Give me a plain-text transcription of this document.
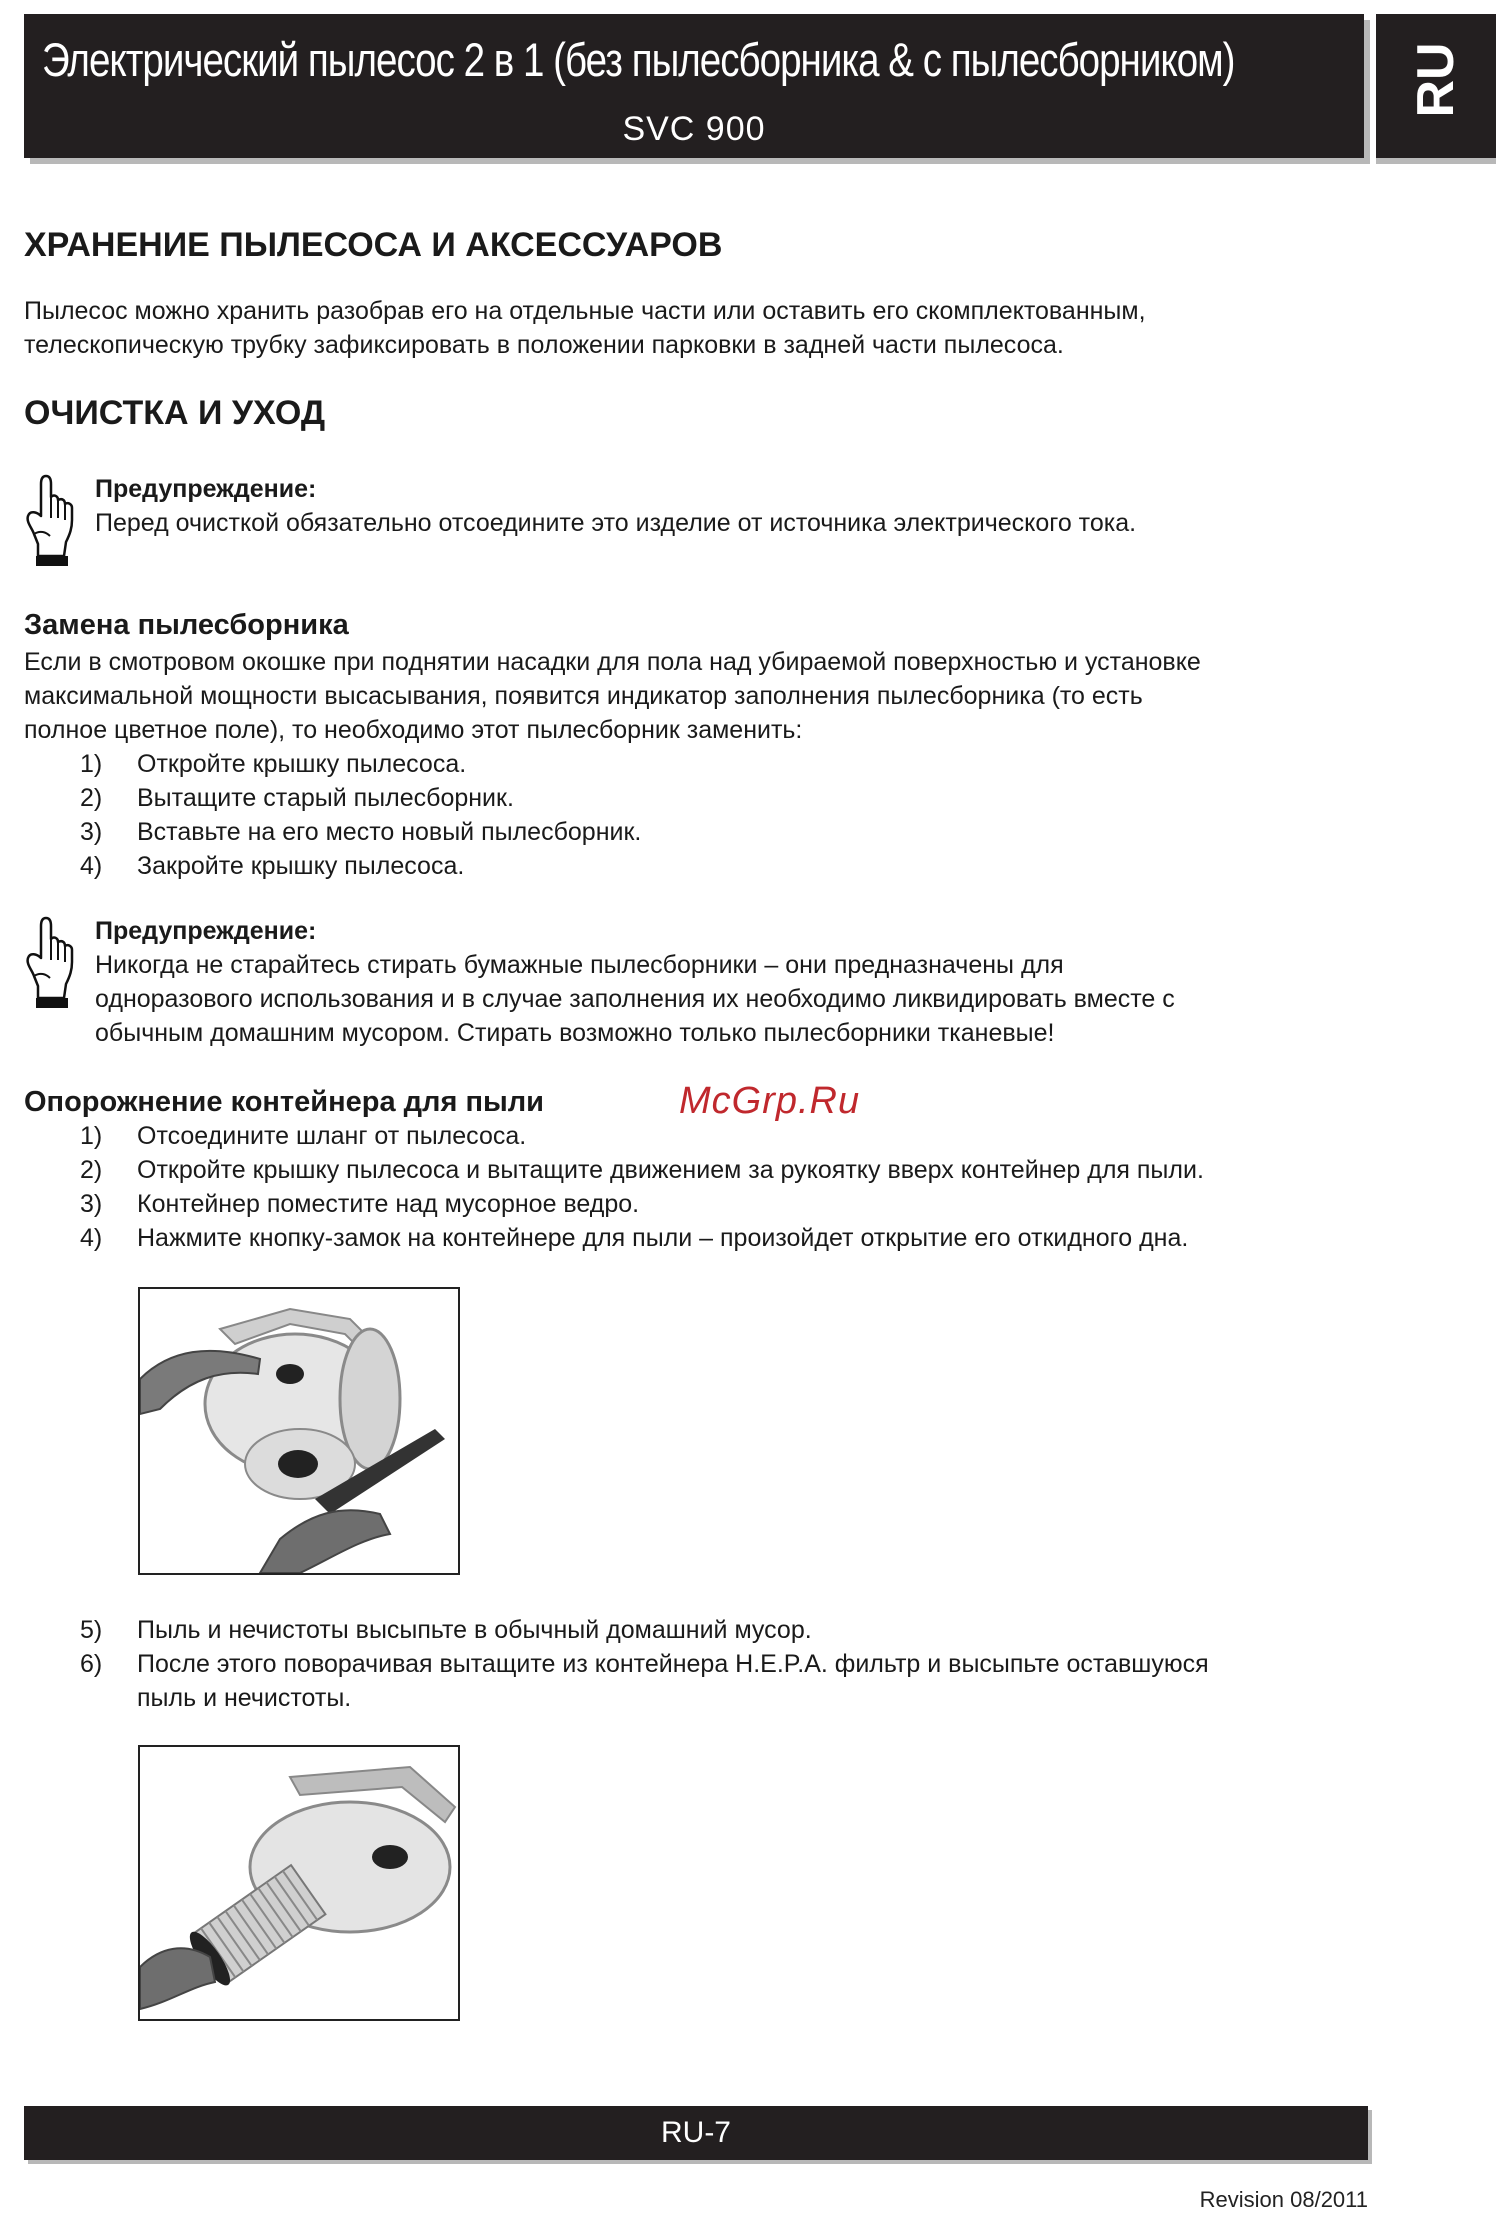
Электрический пылесос 2 в 1 (без пылесборника & с пылесборником)
SVC 900
RU
ХРАНЕНИЕ ПЫЛЕСОСА И АКСЕССУАРОВ

Пылесос можно хранить разобрав его на отдельные части или оставить его скомплектованным,
телескопическую трубку зафиксировать в положении парковки в задней части пылесоса.

ОЧИСТКА И УХОД
Предупреждение:

Перед очисткой обязательно отсоедините это изделие от источника электрического тока.

Замена пылесборника

Если в смотровом окошке при поднятии насадки для пола над убираемой поверхностью и установке
максимальной мощности высасывания, появится индикатор заполнения пылесборника (то есть
полное цветное поле), то необходимо этот пылесборник заменить:

1) Откройте крышку пылесоса.
2) Вытащите старый пылесборник.
3) Вставьте на его место новый пылесборник.
4) Закройте крышку пылесоса.
Предупреждение:

Никогда не старайтесь стирать бумажные пылесборники – они предназначены для
одноразового использования и в случае заполнения их необходимо ликвидировать вместе с
обычным домашним мусором. Стирать возможно только пылесборники тканевые!

Опорожнение контейнера для пыли
1) Отсоедините шланг от пылесоса.
2) Откройте крышку пылесоса и вытащите движением за рукоятку вверх контейнер для пыли.
3) Контейнер поместите над мусорное ведро.
4) Нажмите кнопку-замок на контейнере для пыли – произойдет открытие его откидного дна.
McGrp.Ru
5) Пыль и нечистоты высыпьте в обычный домашний мусор.
6) После этого поворачивая вытащите из контейнера H.E.P.A. фильтр и высыпьте оставшуюся
пыль и нечистоты.
RU-7
Revision 08/2011
